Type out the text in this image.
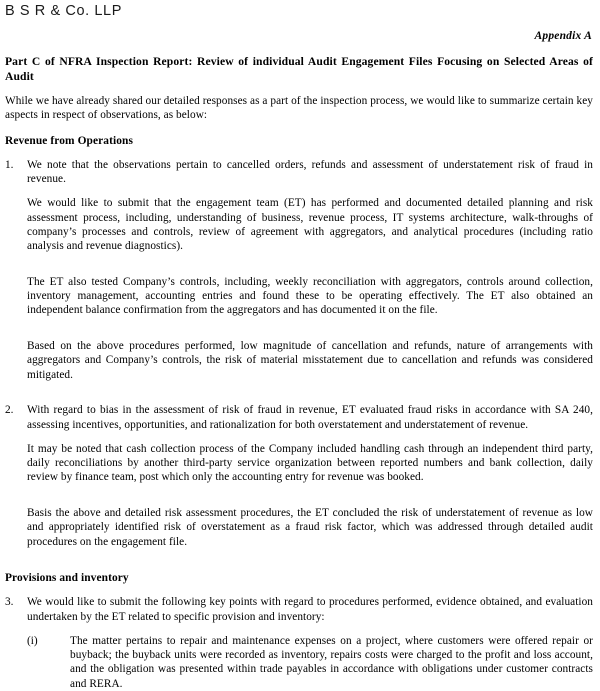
B S R & Co. LLP
Appendix A
Part C of NFRA Inspection Report: Review of individual Audit Engagement Files Focusing on Selected Areas of Audit

While we have already shared our detailed responses as a part of the inspection process, we would like to summarize certain key aspects in respect of observations, as below:

Revenue from Operations
1.	We note that the observations pertain to cancelled orders, refunds and assessment of understatement risk of fraud in revenue.

We would like to submit that the engagement team (ET) has performed and documented detailed planning and risk assessment process, including, understanding of business, revenue process, IT systems architecture, walk-throughs of company’s processes and controls, review of agreement with aggregators, and analytical procedures (including ratio analysis and revenue diagnostics).

The ET also tested Company’s controls, including, weekly reconciliation with aggregators, controls around collection, inventory management, accounting entries and found these to be operating effectively. The ET also obtained an independent balance confirmation from the aggregators and has documented it on the file.

Based on the above procedures performed, low magnitude of cancellation and refunds, nature of arrangements with aggregators and Company’s controls, the risk of material misstatement due to cancellation and refunds was considered mitigated.

2.	With regard to bias in the assessment of risk of fraud in revenue, ET evaluated fraud risks in accordance with SA 240, assessing incentives, opportunities, and rationalization for both overstatement and understatement of revenue.

It may be noted that cash collection process of the Company included handling cash through an independent third party, daily reconciliations by another third-party service organization between reported numbers and bank collection, daily review by finance team, post which only the accounting entry for revenue was booked.

Basis the above and detailed risk assessment procedures, the ET concluded the risk of understatement of revenue as low and appropriately identified risk of overstatement as a fraud risk factor, which was addressed through detailed audit procedures on the engagement file.

Provisions and inventory
3.	We would like to submit the following key points with regard to procedures performed, evidence obtained, and evaluation undertaken by the ET related to specific provision and inventory:
(i)	The matter pertains to repair and maintenance expenses on a project, where customers were offered repair or buyback; the buyback units were recorded as inventory, repairs costs were charged to the profit and loss account, and the obligation was presented within trade payables in accordance with obligations under customer contracts and RERA.
